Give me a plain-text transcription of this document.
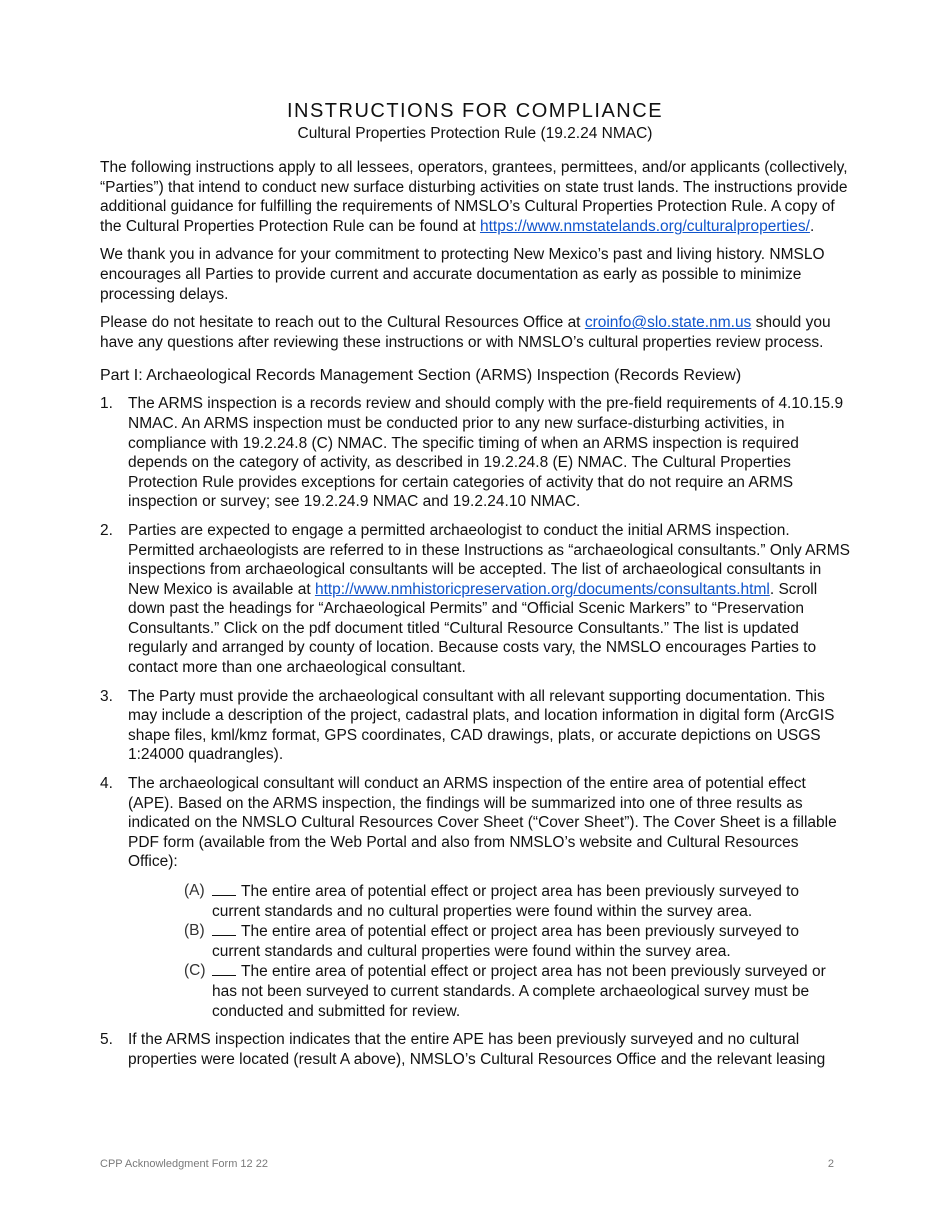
INSTRUCTIONS FOR COMPLIANCE
Cultural Properties Protection Rule (19.2.24 NMAC)

The following instructions apply to all lessees, operators, grantees, permittees, and/or applicants (collectively, “Parties”) that intend to conduct new surface disturbing activities on state trust lands. The instructions provide additional guidance for fulfilling the requirements of NMSLO’s Cultural Properties Protection Rule. A copy of the Cultural Properties Protection Rule can be found at https://www.nmstatelands.org/culturalproperties/.

We thank you in advance for your commitment to protecting New Mexico’s past and living history. NMSLO encourages all Parties to provide current and accurate documentation as early as possible to minimize processing delays.

Please do not hesitate to reach out to the Cultural Resources Office at croinfo@slo.state.nm.us should you have any questions after reviewing these instructions or with NMSLO’s cultural properties review process.

Part I: Archaeological Records Management Section (ARMS) Inspection (Records Review)
1. The ARMS inspection is a records review and should comply with the pre-field requirements of 4.10.15.9 NMAC. An ARMS inspection must be conducted prior to any new surface-disturbing activities, in compliance with 19.2.24.8 (C) NMAC. The specific timing of when an ARMS inspection is required depends on the category of activity, as described in 19.2.24.8 (E) NMAC. The Cultural Properties Protection Rule provides exceptions for certain categories of activity that do not require an ARMS inspection or survey; see 19.2.24.9 NMAC and 19.2.24.10 NMAC.
2. Parties are expected to engage a permitted archaeologist to conduct the initial ARMS inspection. Permitted archaeologists are referred to in these Instructions as “archaeological consultants.” Only ARMS inspections from archaeological consultants will be accepted. The list of archaeological consultants in New Mexico is available at http://www.nmhistoricpreservation.org/documents/consultants.html. Scroll down past the headings for “Archaeological Permits” and “Official Scenic Markers” to “Preservation Consultants.” Click on the pdf document titled “Cultural Resource Consultants.” The list is updated regularly and arranged by county of location. Because costs vary, the NMSLO encourages Parties to contact more than one archaeological consultant.
3. The Party must provide the archaeological consultant with all relevant supporting documentation. This may include a description of the project, cadastral plats, and location information in digital form (ArcGIS shape files, kml/kmz format, GPS coordinates, CAD drawings, plats, or accurate depictions on USGS 1:24000 quadrangles).
4. The archaeological consultant will conduct an ARMS inspection of the entire area of potential effect (APE). Based on the ARMS inspection, the findings will be summarized into one of three results as indicated on the NMSLO Cultural Resources Cover Sheet (“Cover Sheet”). The Cover Sheet is a fillable PDF form (available from the Web Portal and also from NMSLO’s website and Cultural Resources Office):
(A) The entire area of potential effect or project area has been previously surveyed to current standards and no cultural properties were found within the survey area.
(B) The entire area of potential effect or project area has been previously surveyed to current standards and cultural properties were found within the survey area.
(C) The entire area of potential effect or project area has not been previously surveyed or has not been surveyed to current standards. A complete archaeological survey must be conducted and submitted for review.
5. If the ARMS inspection indicates that the entire APE has been previously surveyed and no cultural properties were located (result A above), NMSLO’s Cultural Resources Office and the relevant leasing
CPP Acknowledgment Form 12 22	2
